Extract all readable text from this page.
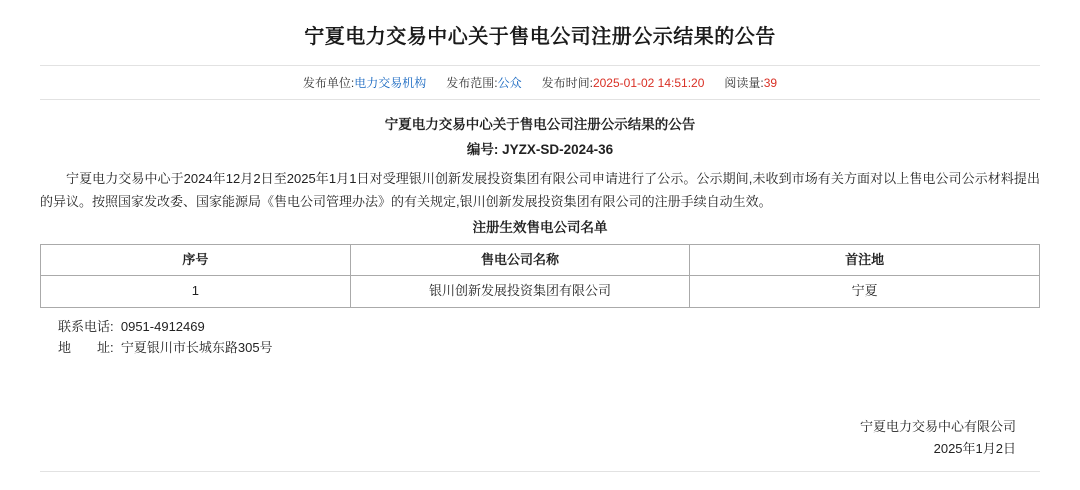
宁夏电力交易中心关于售电公司注册公示结果的公告
发布单位:电力交易机构 发布范围:公众 发布时间:2025-01-02 14:51:20 阅读量:39
宁夏电力交易中心关于售电公司注册公示结果的公告
编号: JYZX-SD-2024-36

宁夏电力交易中心于2024年12月2日至2025年1月1日对受理银川创新发展投资集团有限公司申请进行了公示。公示期间,未收到市场有关方面对以上售电公司公示材料提出的异议。按照国家发改委、国家能源局《售电公司管理办法》的有关规定,银川创新发展投资集团有限公司的注册手续自动生效。

注册生效售电公司名单
序号	售电公司名称	首注地
1	银川创新发展投资集团有限公司	宁夏
联系电话: 0951-4912469
地　　址: 宁夏银川市长城东路305号
宁夏电力交易中心有限公司
2025年1月2日
